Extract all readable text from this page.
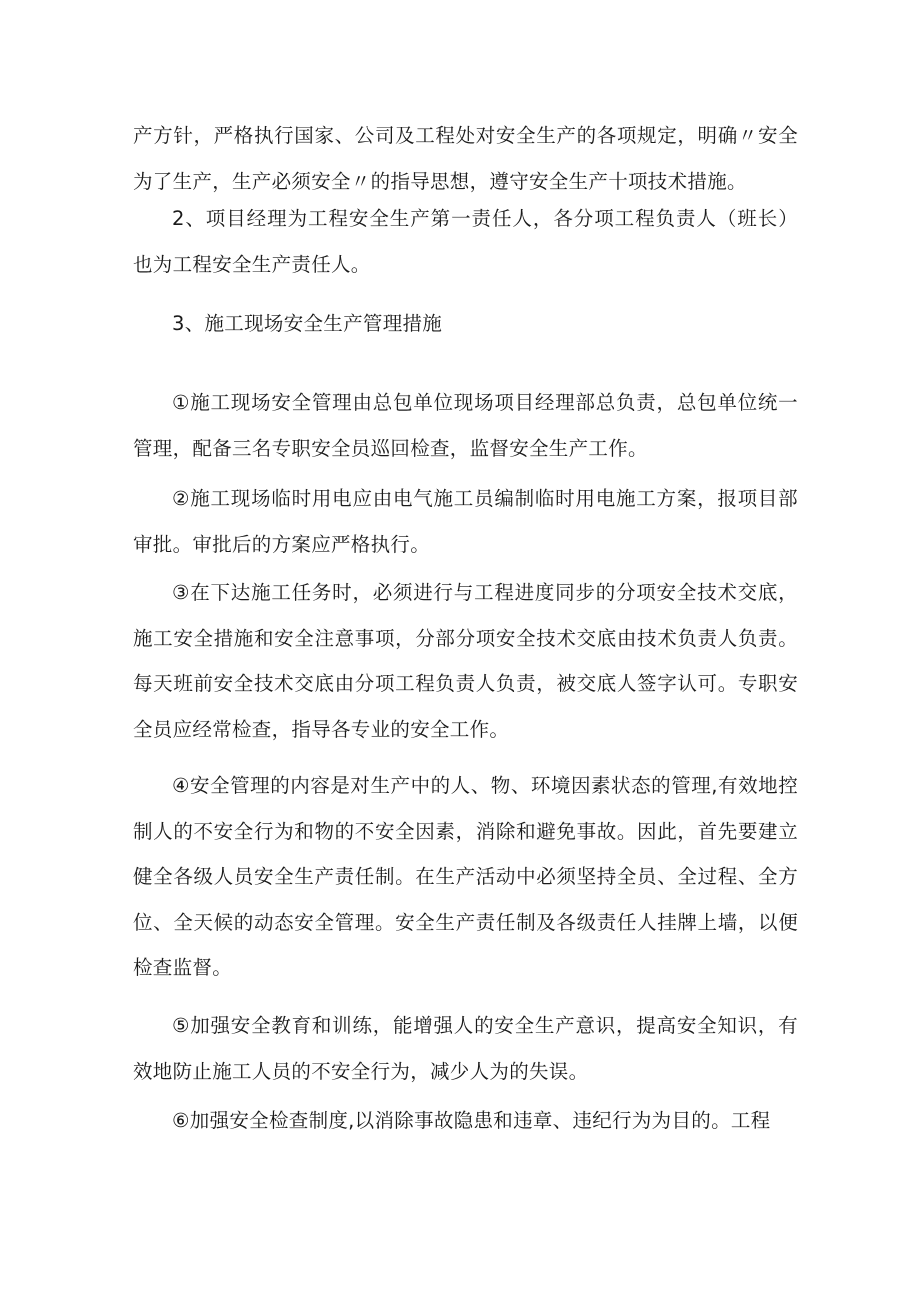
产方针，严格执行国家、公司及工程处对安全生产的各项规定，明确〃安全为了生产，生产必须安全〃的指导思想，遵守安全生产十项技术措施。

2、项目经理为工程安全生产第一责任人，各分项工程负责人（班长）也为工程安全生产责任人。

3、施工现场安全生产管理措施

①施工现场安全管理由总包单位现场项目经理部总负责，总包单位统一管理，配备三名专职安全员巡回检查，监督安全生产工作。

②施工现场临时用电应由电气施工员编制临时用电施工方案，报项目部审批。审批后的方案应严格执行。

③在下达施工任务时，必须进行与工程进度同步的分项安全技术交底，施工安全措施和安全注意事项，分部分项安全技术交底由技术负责人负责。每天班前安全技术交底由分项工程负责人负责，被交底人签字认可。专职安全员应经常检查，指导各专业的安全工作。

④安全管理的内容是对生产中的人、物、环境因素状态的管理,有效地控制人的不安全行为和物的不安全因素，消除和避免事故。因此，首先要建立健全各级人员安全生产责任制。在生产活动中必须坚持全员、全过程、全方位、全天候的动态安全管理。安全生产责任制及各级责任人挂牌上墙，以便检查监督。

⑤加强安全教育和训练，能增强人的安全生产意识，提高安全知识，有效地防止施工人员的不安全行为，减少人为的失误。

⑥加强安全检查制度,以消除事故隐患和违章、违纪行为为目的。工程
